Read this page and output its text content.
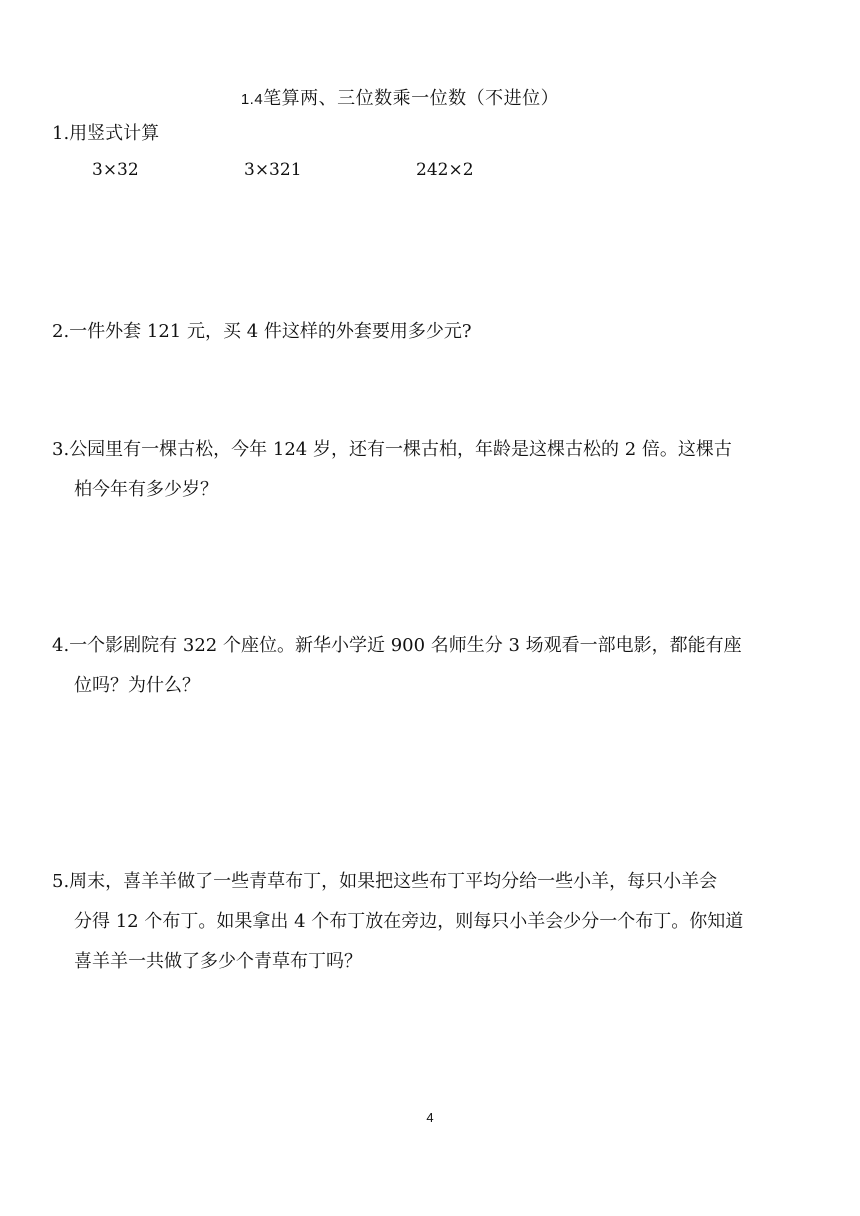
1.4笔算两、三位数乘一位数（不进位）
1.用竖式计算
3×32	3×321	242×2
2.一件外套 121 元，买 4 件这样的外套要用多少元?
3.公园里有一棵古松，今年 124 岁，还有一棵古柏，年龄是这棵古松的 2 倍。这棵古
柏今年有多少岁？
4.一个影剧院有 322 个座位。新华小学近 900 名师生分 3 场观看一部电影，都能有座
位吗？为什么？
5.周末，喜羊羊做了一些青草布丁，如果把这些布丁平均分给一些小羊，每只小羊会
分得 12 个布丁。如果拿出 4 个布丁放在旁边，则每只小羊会少分一个布丁。你知道
喜羊羊一共做了多少个青草布丁吗？
4
